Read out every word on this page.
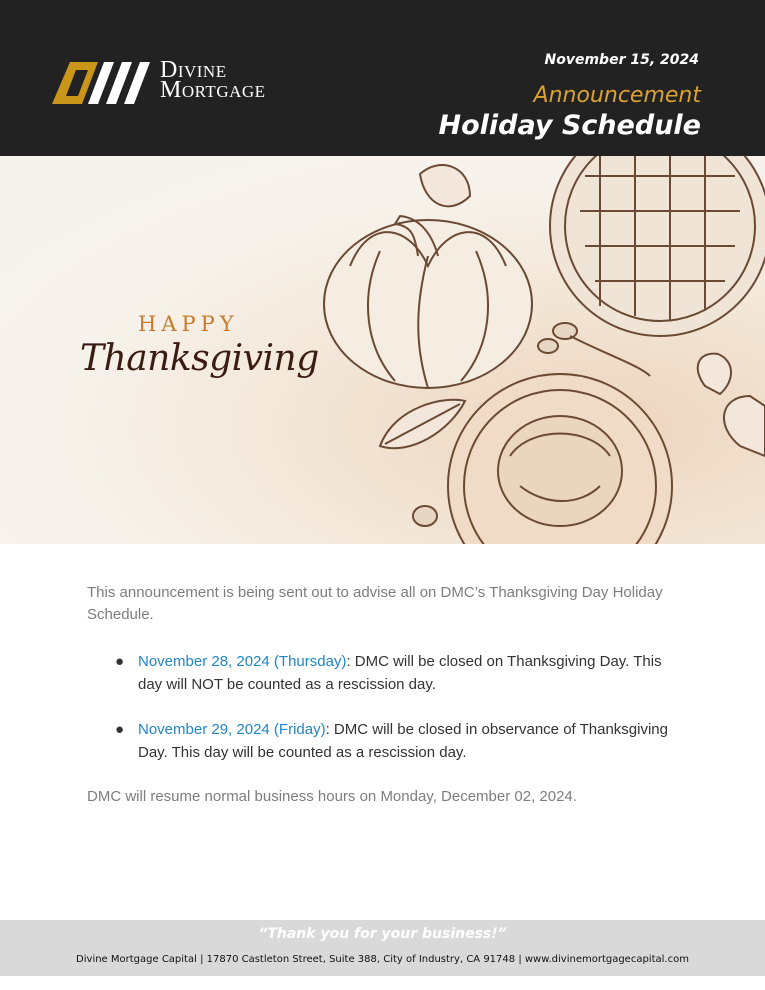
Divine
Mortgage
November 15, 2024
Announcement
Holiday Schedule
HAPPY
Thanksgiving

This announcement is being sent out to advise all on DMC’s Thanksgiving Day Holiday Schedule.

● November 28, 2024 (Thursday): DMC will be closed on Thanksgiving Day. This day will NOT be counted as a rescission day.
● November 29, 2024 (Friday): DMC will be closed in observance of Thanksgiving Day. This day will be counted as a rescission day.
DMC will resume normal business hours on Monday, December 02, 2024.
“Thank you for your business!”
Divine Mortgage Capital | 17870 Castleton Street, Suite 388, City of Industry, CA 91748 | www.divinemortgagecapital.com
